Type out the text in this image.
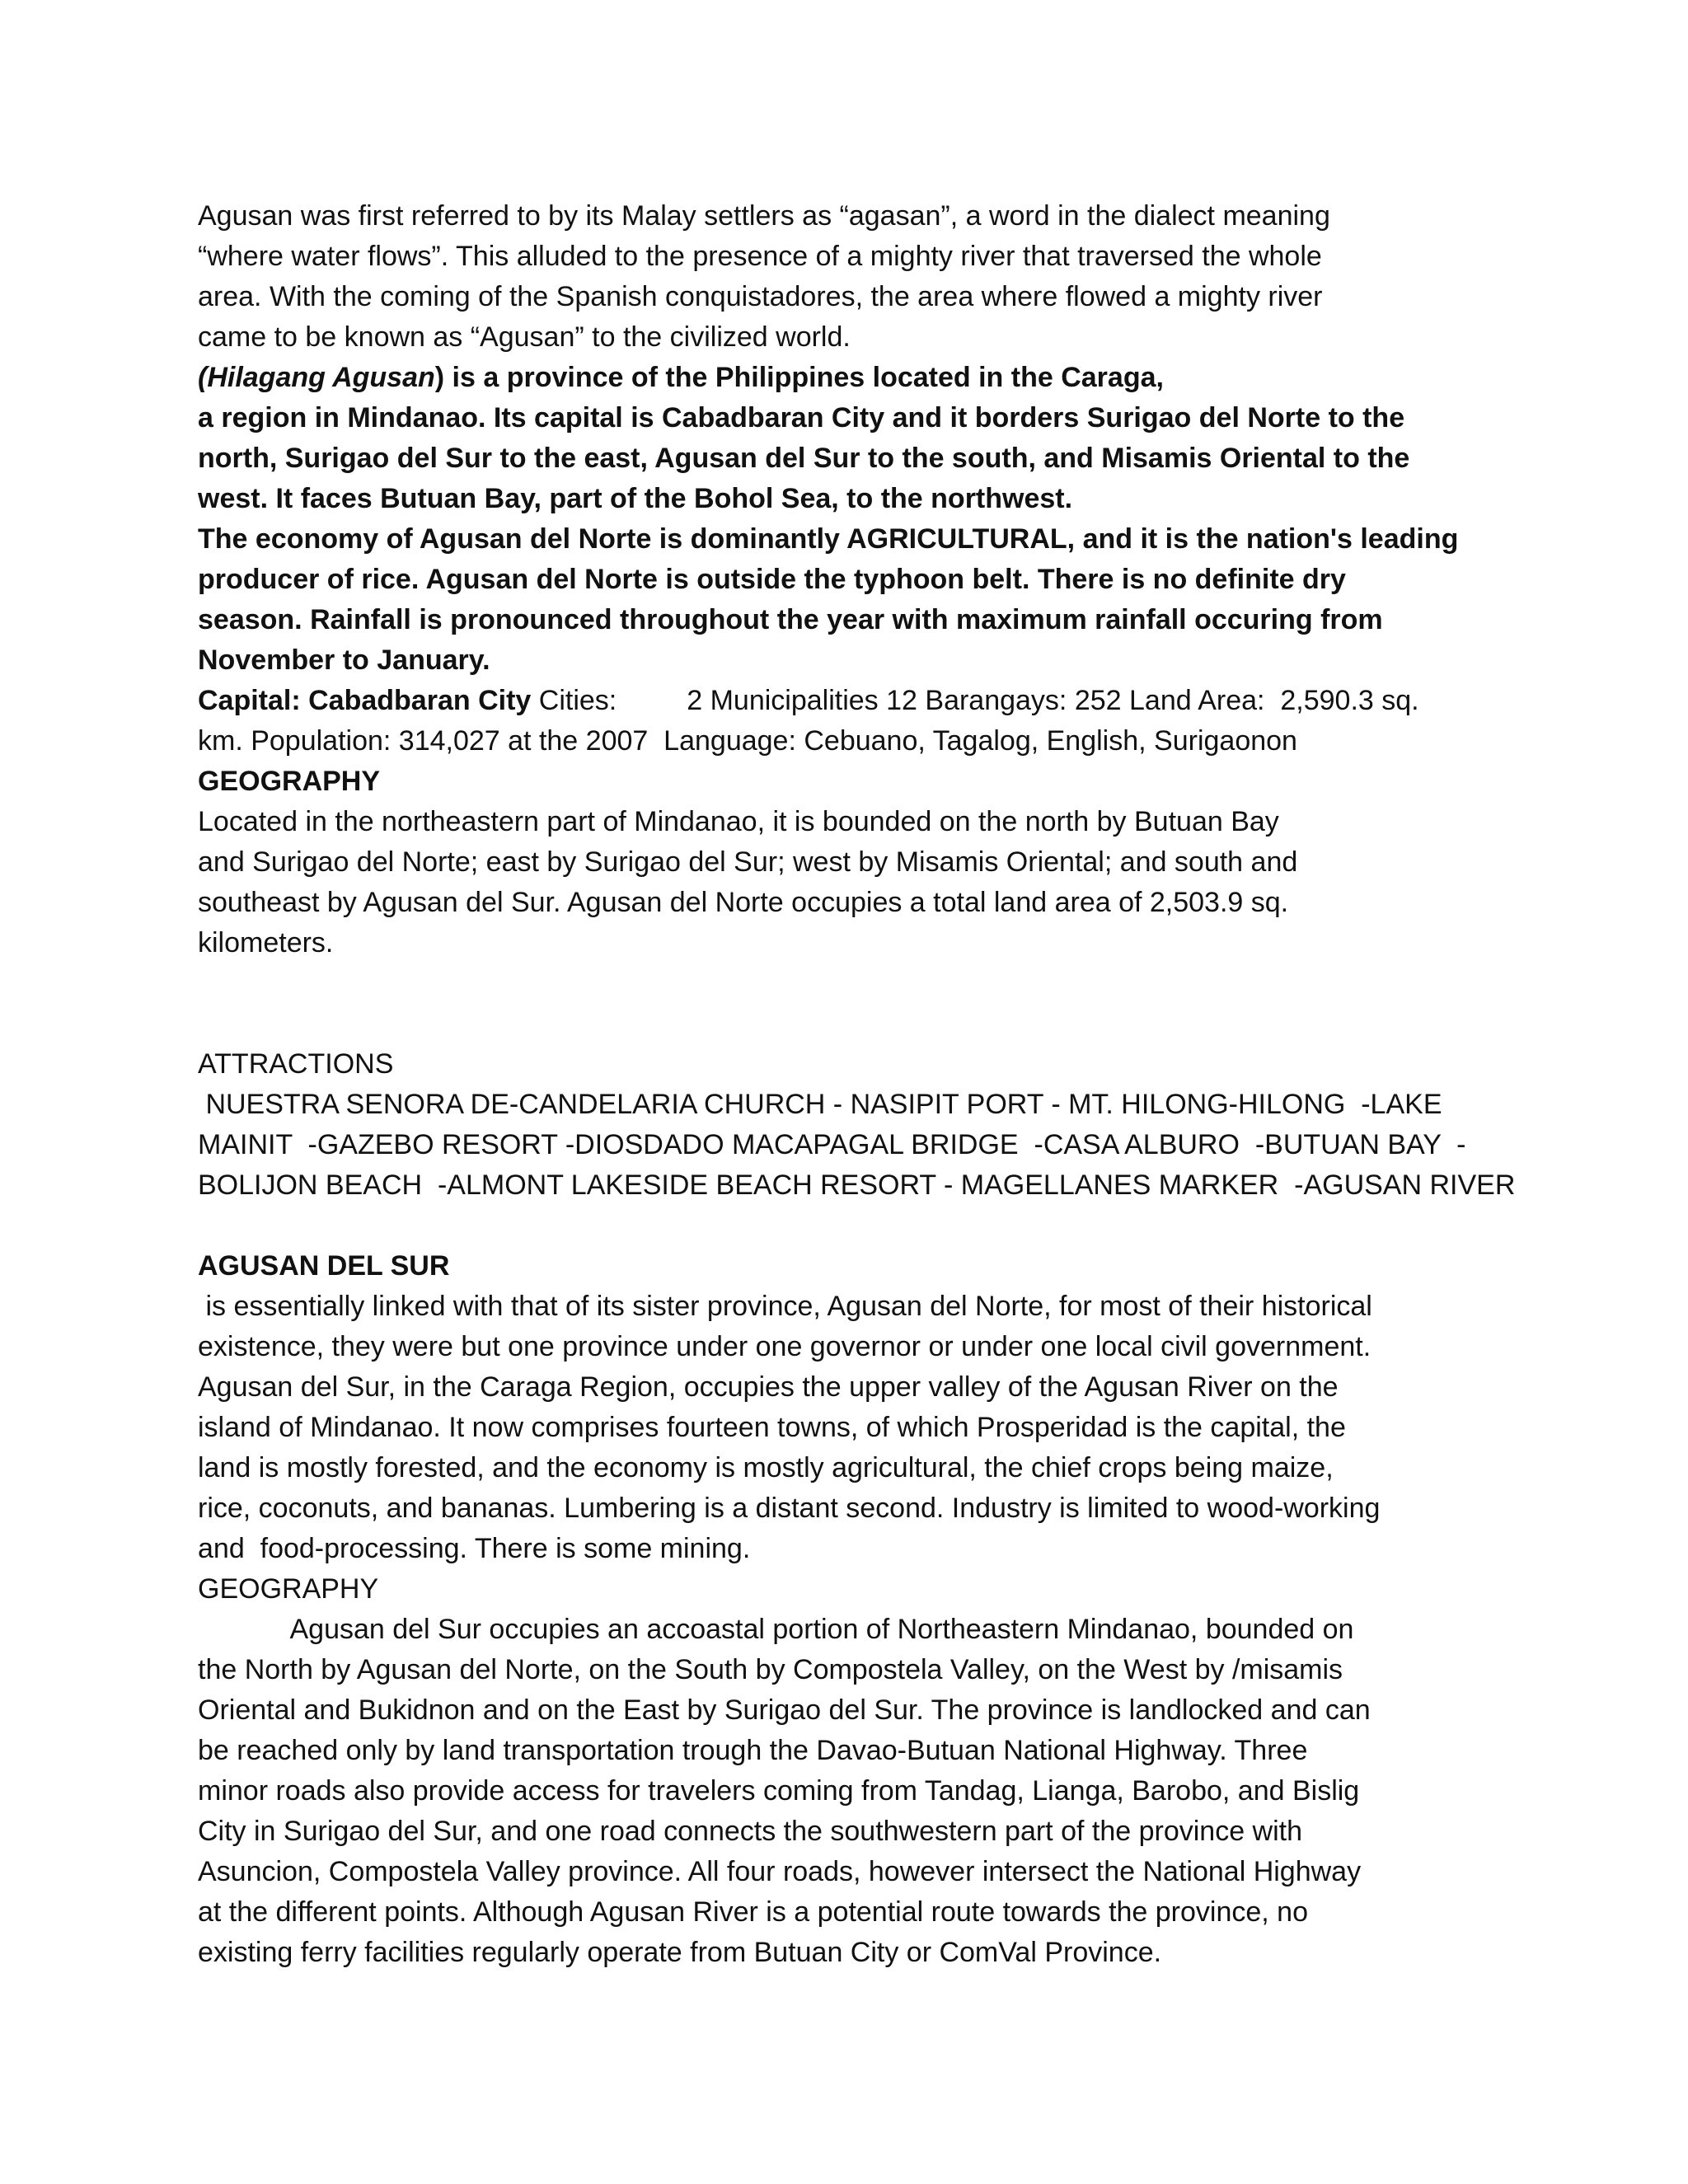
Agusan was first referred to by its Malay settlers as “agasan”, a word in the dialect meaning
“where water flows”. This alluded to the presence of a mighty river that traversed the whole
area. With the coming of the Spanish conquistadores, the area where flowed a mighty river
came to be known as “Agusan” to the civilized world.
(Hilagang Agusan) is a province of the Philippines located in the Caraga,
a region in Mindanao. Its capital is Cabadbaran City and it borders Surigao del Norte to the
north, Surigao del Sur to the east, Agusan del Sur to the south, and Misamis Oriental to the
west. It faces Butuan Bay, part of the Bohol Sea, to the northwest.
The economy of Agusan del Norte is dominantly AGRICULTURAL, and it is the nation's leading
producer of rice. Agusan del Norte is outside the typhoon belt. There is no definite dry
season. Rainfall is pronounced throughout the year with maximum rainfall occuring from
November to January.
Capital: Cabadbaran City Cities:         2 Municipalities 12 Barangays: 252 Land Area:  2,590.3 sq.
km. Population: 314,027 at the 2007  Language: Cebuano, Tagalog, English, Surigaonon
GEOGRAPHY
Located in the northeastern part of Mindanao, it is bounded on the north by Butuan Bay
and Surigao del Norte; east by Surigao del Sur; west by Misamis Oriental; and south and
southeast by Agusan del Sur. Agusan del Norte occupies a total land area of 2,503.9 sq.
kilometers.
ATTRACTIONS
NUESTRA SENORA DE-CANDELARIA CHURCH - NASIPIT PORT - MT. HILONG-HILONG  -LAKE
MAINIT  -GAZEBO RESORT -DIOSDADO MACAPAGAL BRIDGE  -CASA ALBURO  -BUTUAN BAY  -
BOLIJON BEACH  -ALMONT LAKESIDE BEACH RESORT - MAGELLANES MARKER  -AGUSAN RIVER
AGUSAN DEL SUR
is essentially linked with that of its sister province, Agusan del Norte, for most of their historical
existence, they were but one province under one governor or under one local civil government.
Agusan del Sur, in the Caraga Region, occupies the upper valley of the Agusan River on the
island of Mindanao. It now comprises fourteen towns, of which Prosperidad is the capital, the
land is mostly forested, and the economy is mostly agricultural, the chief crops being maize,
rice, coconuts, and bananas. Lumbering is a distant second. Industry is limited to wood-working
and  food-processing. There is some mining.
GEOGRAPHY
Agusan del Sur occupies an accoastal portion of Northeastern Mindanao, bounded on
the North by Agusan del Norte, on the South by Compostela Valley, on the West by /misamis
Oriental and Bukidnon and on the East by Surigao del Sur. The province is landlocked and can
be reached only by land transportation trough the Davao-Butuan National Highway. Three
minor roads also provide access for travelers coming from Tandag, Lianga, Barobo, and Bislig
City in Surigao del Sur, and one road connects the southwestern part of the province with
Asuncion, Compostela Valley province. All four roads, however intersect the National Highway
at the different points. Although Agusan River is a potential route towards the province, no
existing ferry facilities regularly operate from Butuan City or ComVal Province.
